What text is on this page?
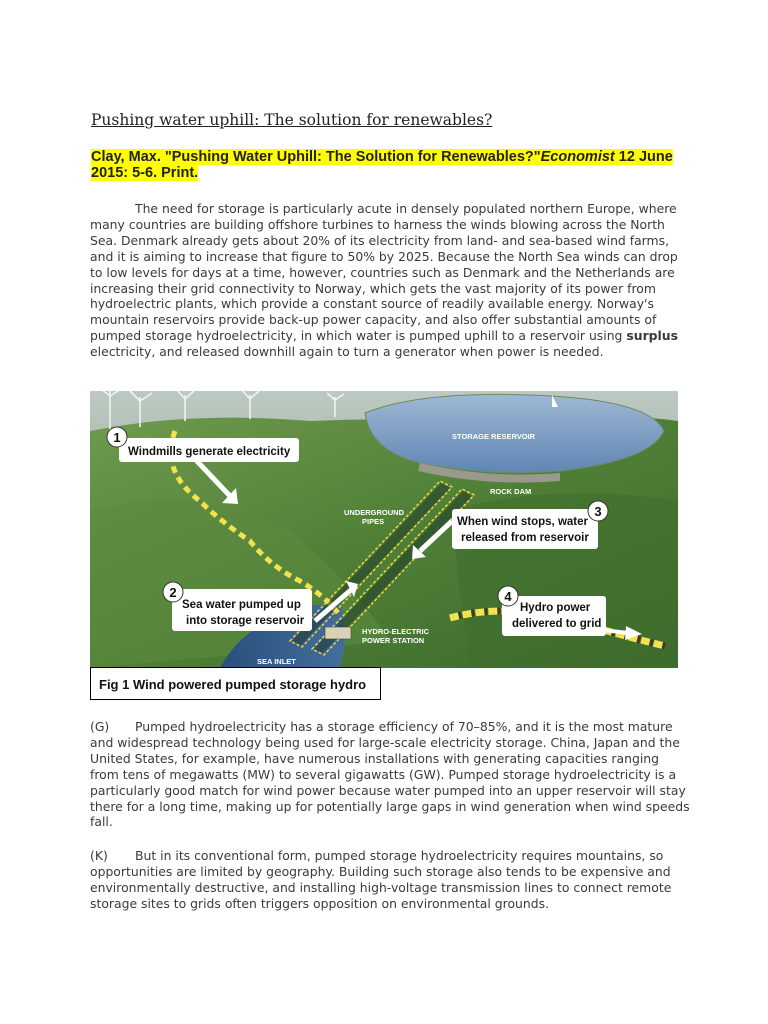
Pushing water uphill: The solution for renewables?
Clay, Max. "Pushing Water Uphill: The Solution for Renewables?"Economist 12 June 2015: 5-6. Print.
The need for storage is particularly acute in densely populated northern Europe, where many countries are building offshore turbines to harness the winds blowing across the North Sea. Denmark already gets about 20% of its electricity from land- and sea-based wind farms, and it is aiming to increase that figure to 50% by 2025. Because the North Sea winds can drop to low levels for days at a time, however, countries such as Denmark and the Netherlands are increasing their grid connectivity to Norway, which gets the vast majority of its power from hydroelectric plants, which provide a constant source of readily available energy. Norway's mountain reservoirs provide back-up power capacity, and also offer substantial amounts of pumped storage hydroelectricity, in which water is pumped uphill to a reservoir using surplus electricity, and released downhill again to turn a generator when power is needed.
1
Windmills generate electricity
2
Sea water pumped up
into storage reservoir
3
When wind stops, water
released from reservoir
4
Hydro power
delivered to grid
STORAGE RESERVOIR
ROCK DAM
UNDERGROUND
PIPES
HYDRO-ELECTRIC
POWER STATION
SEA INLET
Fig 1 Wind powered pumped storage hydro
(G) Pumped hydroelectricity has a storage efficiency of 70–85%, and it is the most mature and widespread technology being used for large-scale electricity storage. China, Japan and the United States, for example, have numerous installations with generating capacities ranging from tens of megawatts (MW) to several gigawatts (GW). Pumped storage hydroelectricity is a particularly good match for wind power because water pumped into an upper reservoir will stay there for a long time, making up for potentially large gaps in wind generation when wind speeds fall.
(K) But in its conventional form, pumped storage hydroelectricity requires mountains, so opportunities are limited by geography. Building such storage also tends to be expensive and environmentally destructive, and installing high-voltage transmission lines to connect remote storage sites to grids often triggers opposition on environmental grounds.
